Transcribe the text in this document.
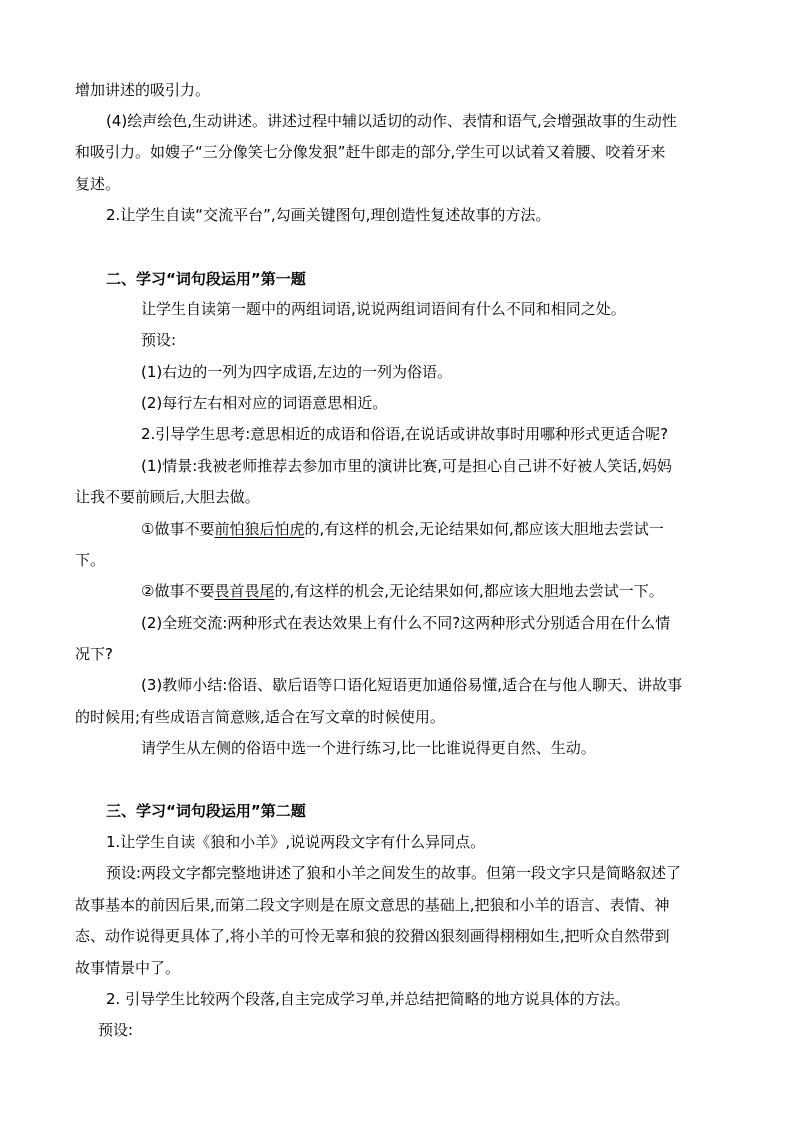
增加讲述的吸引力。
(4)绘声绘色,生动讲述。讲述过程中辅以适切的动作、表情和语气,会增强故事的生动性
和吸引力。如嫂子“三分像笑七分像发狠”赶牛郎走的部分,学生可以试着又着腰、咬着牙来
复述。
2.让学生自读“交流平台”,勾画关键图句,理创造性复述故事的方法。
二、学习“词句段运用”第一题
让学生自读第一题中的两组词语,说说两组词语间有什么不同和相同之处。
预设:
(1)右边的一列为四字成语,左边的一列为俗语。
(2)每行左右相对应的词语意思相近。
2.引导学生思考:意思相近的成语和俗语,在说话或讲故事时用哪种形式更适合呢?
(1)情景:我被老师推荐去参加市里的演讲比赛,可是担心自己讲不好被人笑话,妈妈
让我不要前顾后,大胆去做。
①做事不要前怕狼后怕虎的,有这样的机会,无论结果如何,都应该大胆地去尝试一
下。
②做事不要畏首畏尾的,有这样的机会,无论结果如何,都应该大胆地去尝试一下。
(2)全班交流:两种形式在表达效果上有什么不同?这两种形式分别适合用在什么情
况下?
(3)教师小结:俗语、歇后语等口语化短语更加通俗易懂,适合在与他人聊天、讲故事
的时候用;有些成语言简意赅,适合在写文章的时候使用。
请学生从左侧的俗语中选一个进行练习,比一比谁说得更自然、生动。
三、学习“词句段运用”第二题
1.让学生自读《狼和小羊》,说说两段文字有什么异同点。
预设:两段文字都完整地讲述了狼和小羊之间发生的故事。但第一段文字只是简略叙述了
故事基本的前因后果,而第二段文字则是在原文意思的基础上,把狼和小羊的语言、表情、神
态、动作说得更具体了,将小羊的可怜无辜和狼的狡猾凶狠刻画得栩栩如生,把听众自然带到
故事情景中了。
2. 引导学生比较两个段落,自主完成学习单,并总结把简略的地方说具体的方法。
预设:
